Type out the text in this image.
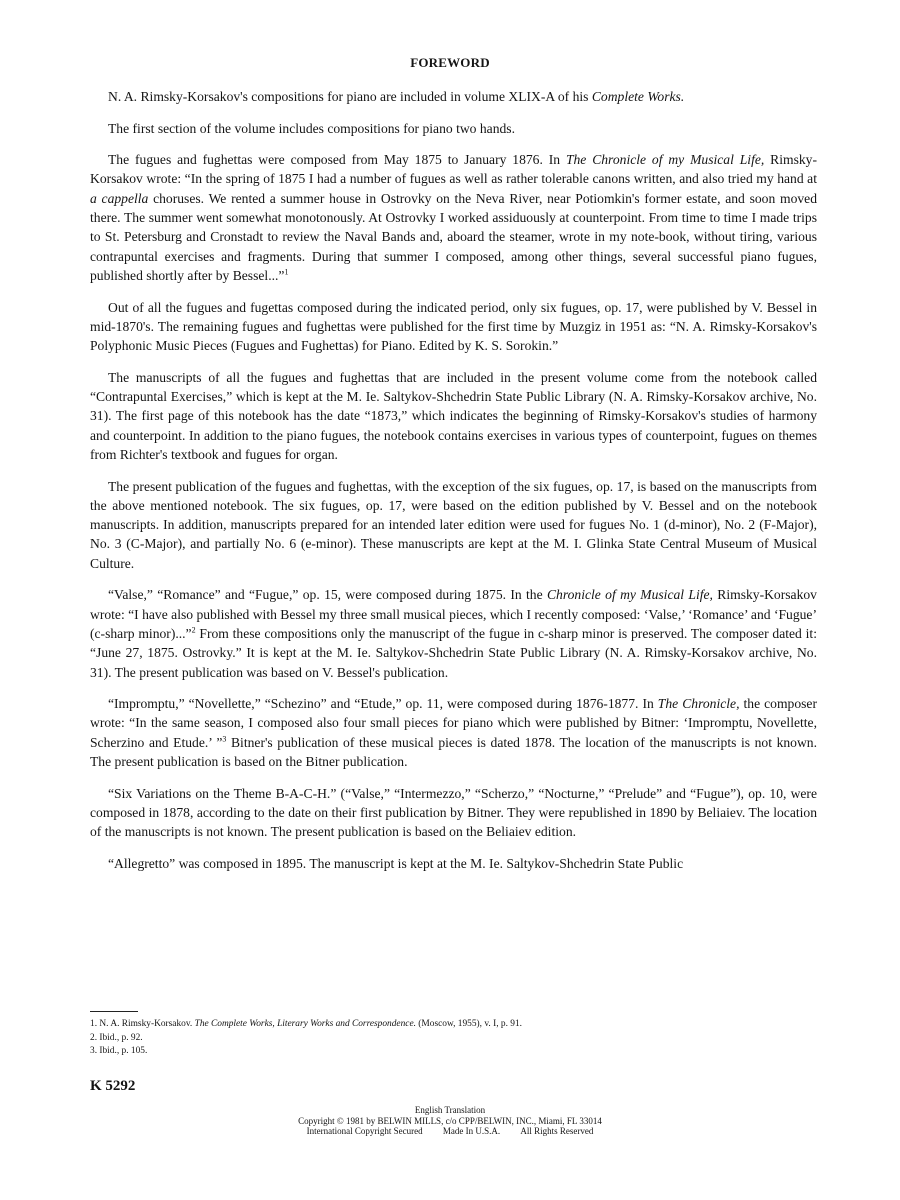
FOREWORD

N. A. Rimsky-Korsakov's compositions for piano are included in volume XLIX-A of his Complete Works.

The first section of the volume includes compositions for piano two hands.

The fugues and fughettas were composed from May 1875 to January 1876. In The Chronicle of my Musical Life, Rimsky-Korsakov wrote: “In the spring of 1875 I had a number of fugues as well as rather tolerable canons written, and also tried my hand at a cappella choruses. We rented a summer house in Ostrovky on the Neva River, near Potiomkin's former estate, and soon moved there. The summer went somewhat monotonously. At Ostrovky I worked assiduously at counterpoint. From time to time I made trips to St. Petersburg and Cronstadt to review the Naval Bands and, aboard the steamer, wrote in my note-book, without tiring, various contrapuntal exercises and fragments. During that summer I composed, among other things, several successful piano fugues, published shortly after by Bessel...”$^1$

Out of all the fugues and fugettas composed during the indicated period, only six fugues, op. 17, were published by V. Bessel in mid-1870's. The remaining fugues and fughettas were published for the first time by Muzgiz in 1951 as: “N. A. Rimsky-Korsakov's Polyphonic Music Pieces (Fugues and Fughettas) for Piano. Edited by K. S. Sorokin.”

The manuscripts of all the fugues and fughettas that are included in the present volume come from the notebook called “Contrapuntal Exercises,” which is kept at the M. Ie. Saltykov-Shchedrin State Public Library (N. A. Rimsky-Korsakov archive, No. 31). The first page of this notebook has the date “1873,” which indicates the beginning of Rimsky-Korsakov's studies of harmony and counterpoint. In addition to the piano fugues, the notebook contains exercises in various types of counterpoint, fugues on themes from Richter's textbook and fugues for organ.

The present publication of the fugues and fughettas, with the exception of the six fugues, op. 17, is based on the manuscripts from the above mentioned notebook. The six fugues, op. 17, were based on the edition published by V. Bessel and on the notebook manuscripts. In addition, manuscripts prepared for an intended later edition were used for fugues No. 1 (d-minor), No. 2 (F-Major), No. 3 (C-Major), and partially No. 6 (e-minor). These manuscripts are kept at the M. I. Glinka State Central Museum of Musical Culture.

“Valse,” “Romance” and “Fugue,” op. 15, were composed during 1875. In the Chronicle of my Musical Life, Rimsky-Korsakov wrote: “I have also published with Bessel my three small musical pieces, which I recently composed: ‘Valse,’ ‘Romance’ and ‘Fugue’ (c-sharp minor)...”$^2$ From these compositions only the manuscript of the fugue in c-sharp minor is preserved. The composer dated it: “June 27, 1875. Ostrovky.” It is kept at the M. Ie. Saltykov-Shchedrin State Public Library (N. A. Rimsky-Korsakov archive, No. 31). The present publication was based on V. Bessel's publication.

“Impromptu,” “Novellette,” “Schezino” and “Etude,” op. 11, were composed during 1876-1877. In The Chronicle, the composer wrote: “In the same season, I composed also four small pieces for piano which were published by Bitner: ‘Impromptu, Novellette, Scherzino and Etude.’ ”$^3$ Bitner's publication of these musical pieces is dated 1878. The location of the manuscripts is not known. The present publication is based on the Bitner publication.

“Six Variations on the Theme B-A-C-H.” (“Valse,” “Intermezzo,” “Scherzo,” “Nocturne,” “Prelude” and “Fugue”), op. 10, were composed in 1878, according to the date on their first publication by Bitner. They were republished in 1890 by Beliaiev. The location of the manuscripts is not known. The present publication is based on the Beliaiev edition.

“Allegretto” was composed in 1895. The manuscript is kept at the M. Ie. Saltykov-Shchedrin State Public

1. N. A. Rimsky-Korsakov. The Complete Works, Literary Works and Correspondence. (Moscow, 1955), v. I, p. 91.
2. Ibid., p. 92.
3. Ibid., p. 105.
K 5292
English Translation
Copyright © 1981 by BELWIN MILLS, c/o CPP/BELWIN, INC., Miami, FL 33014
International Copyright Secured Made In U.S.A. All Rights Reserved
